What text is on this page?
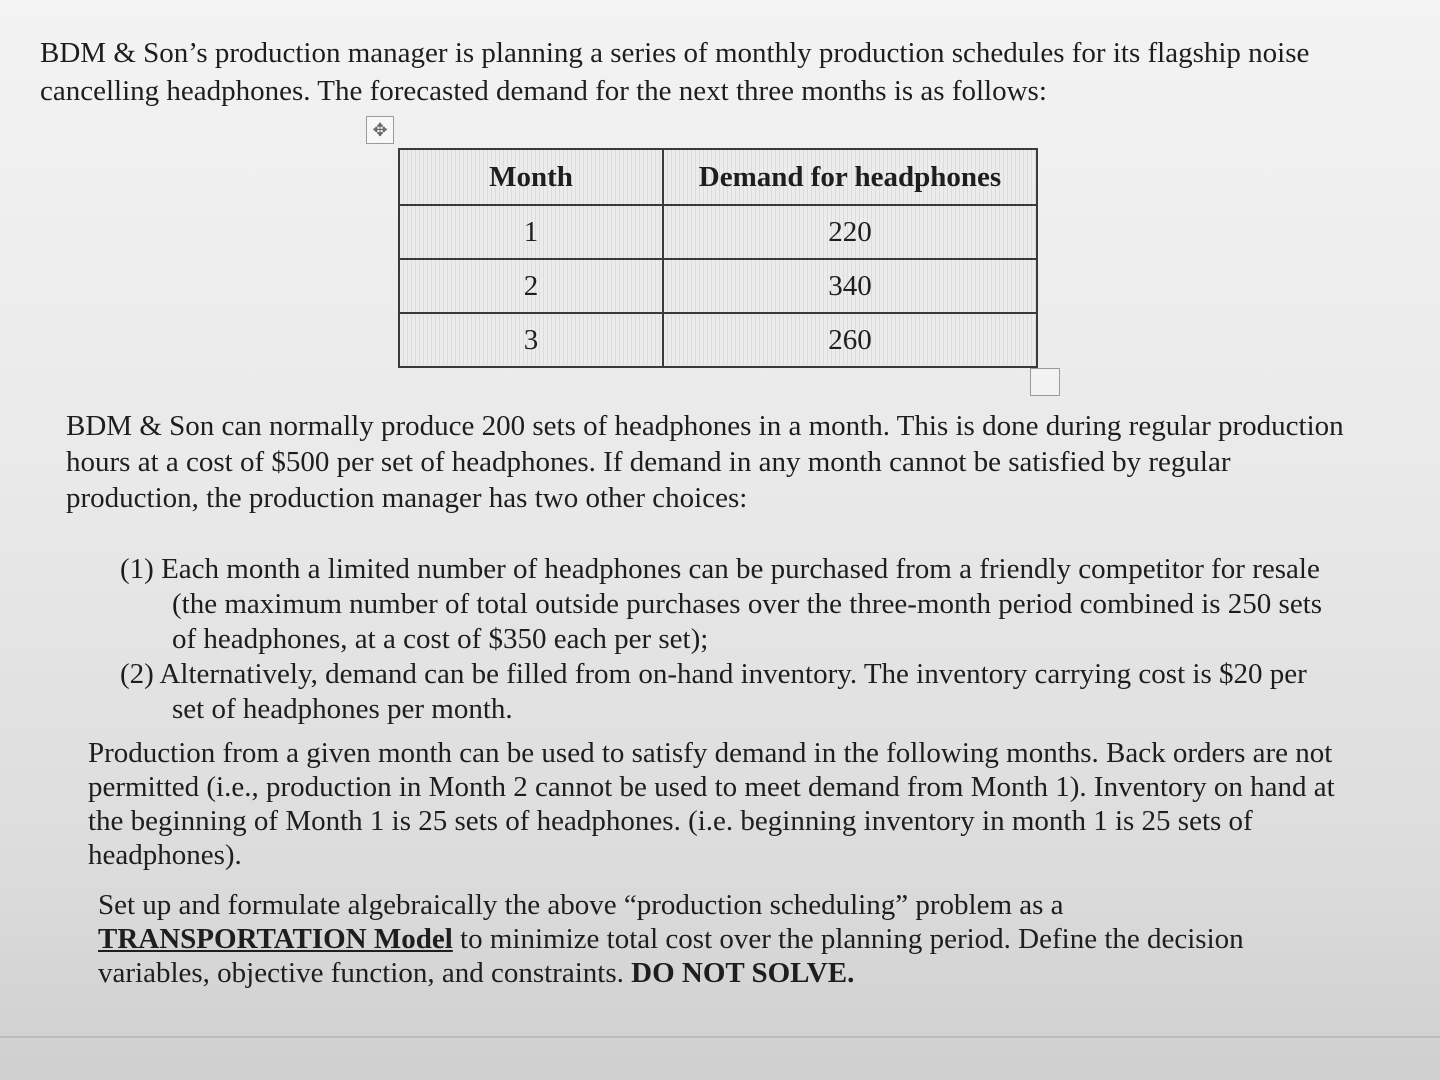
BDM & Son’s production manager is planning a series of monthly production schedules for its flagship noise cancelling headphones. The forecasted demand for the next three months is as follows:

✥
Month	Demand for headphones
1	220
2	340
3	260

BDM & Son can normally produce 200 sets of headphones in a month. This is done during regular production hours at a cost of $500 per set of headphones. If demand in any month cannot be satisfied by regular production, the production manager has two other choices:

(1) Each month a limited number of headphones can be purchased from a friendly competitor for resale (the maximum number of total outside purchases over the three-month period combined is 250 sets of headphones, at a cost of $350 each per set);
(2) Alternatively, demand can be filled from on-hand inventory. The inventory carrying cost is $20 per set of headphones per month.

Production from a given month can be used to satisfy demand in the following months. Back orders are not permitted (i.e., production in Month 2 cannot be used to meet demand from Month 1). Inventory on hand at the beginning of Month 1 is 25 sets of headphones. (i.e. beginning inventory in month 1 is 25 sets of headphones).

Set up and formulate algebraically the above “production scheduling” problem as a TRANSPORTATION Model to minimize total cost over the planning period. Define the decision variables, objective function, and constraints. DO NOT SOLVE.
